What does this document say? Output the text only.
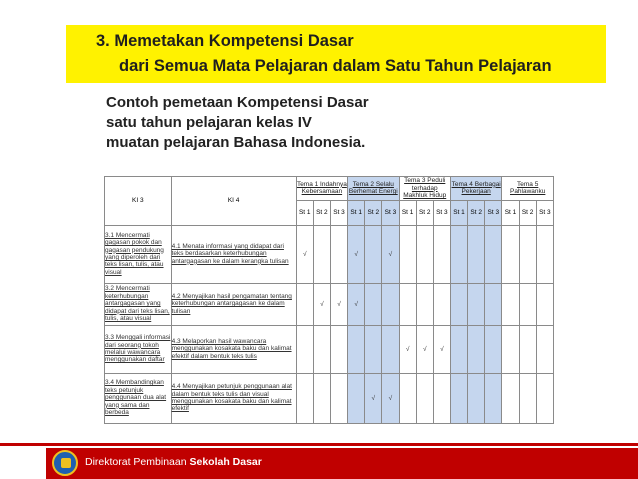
3. Memetakan Kompetensi Dasar
dari Semua Mata Pelajaran dalam Satu Tahun Pelajaran
Contoh pemetaan Kompetensi Dasar
satu tahun pelajaran kelas IV
muatan pelajaran Bahasa Indonesia.
KI 3	KI 4	Tema 1 Indahnya Kebersamaan			Tema 2 Selalu Berhemat Energi			Tema 3 Peduli terhadap Makhluk Hidup			Tema 4 Berbagai Pekerjaan			Tema 5 Pahlawanku		
		St 1	St 2	St 3	St 1	St 2	St 3	St 1	St 2	St 3	St 1	St 2	St 3	St 1	St 2	St 3
3.1 Mencermati gagasan pokok dan gagasan pendukung yang diperoleh dari teks lisan, tulis, atau visual	4.1 Menata informasi yang didapat dari teks berdasarkan keterhubungan antargagasan ke dalam kerangka tulisan	√			√		√									
3.2 Mencermati keterhubungan antargagasan yang didapat dari teks lisan, tulis, atau visual	4.2 Menyajikan hasil pengamatan tentang keterhubungan antargagasan ke dalam tulisan		√	√	√											
3.3 Menggali informasi dari seorang tokoh melalui wawancara menggunakan daftar	4.3 Melaporkan hasil wawancara menggunakan kosakata baku dan kalimat efektif dalam bentuk teks tulis							√	√	√						
3.4 Membandingkan teks petunjuk penggunaan dua alat yang sama dan berbeda	4.4 Menyajikan petunjuk penggunaan alat dalam bentuk teks tulis dan visual menggunakan kosakata baku dan kalimat efektif					√	√									
Direktorat Pembinaan Sekolah Dasar
